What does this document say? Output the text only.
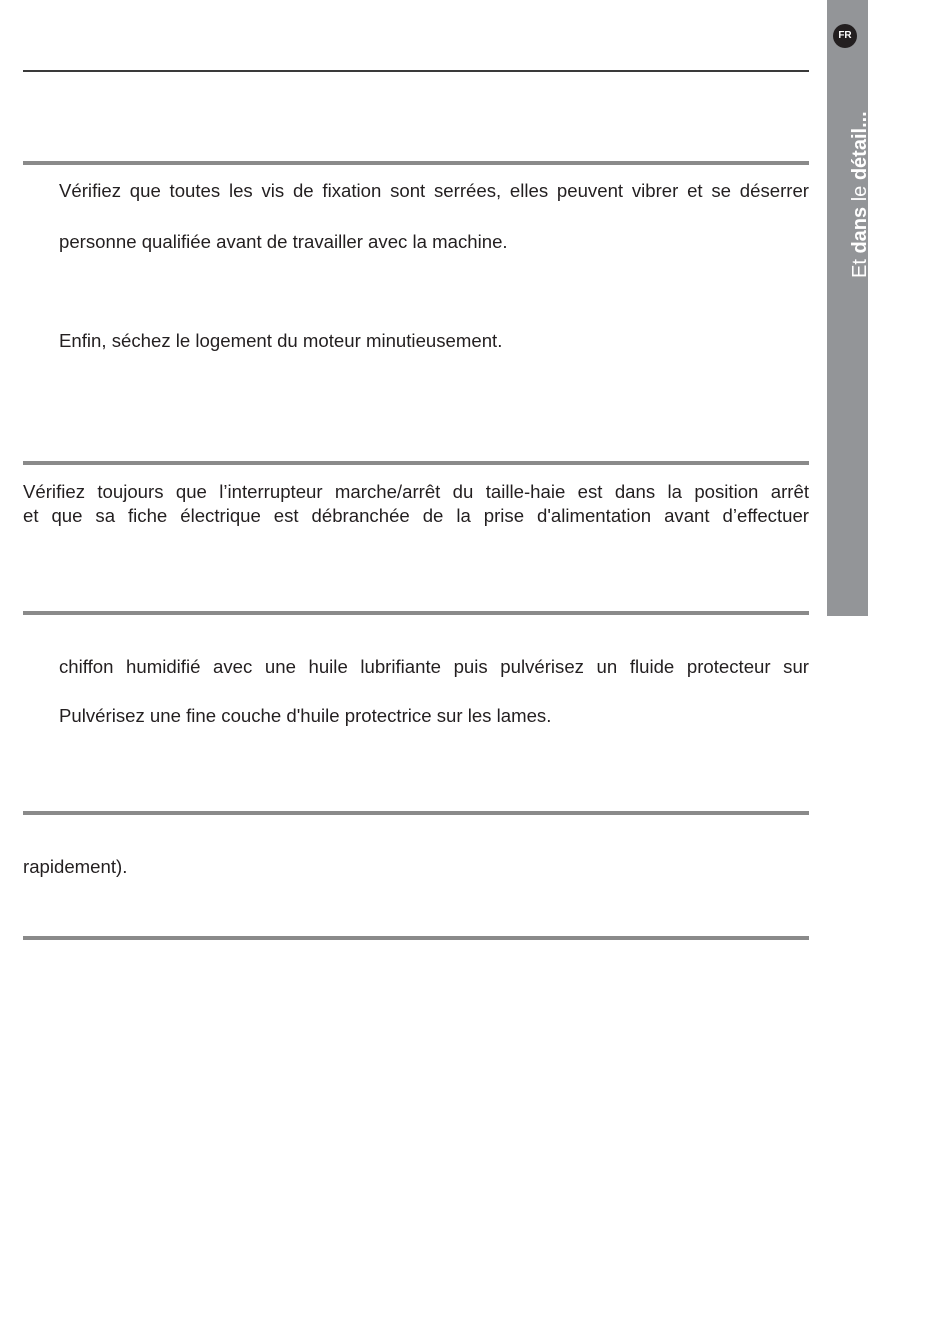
FR
Et dans le détail...
Vérifiez que toutes les vis de fixation sont serrées, elles peuvent vibrer et se déserrer
personne qualifiée avant de travailler avec la machine.
Enfin, séchez le logement du moteur minutieusement.
Vérifiez toujours que l’interrupteur marche/arrêt du taille-haie est dans la position arrêt
et que sa fiche électrique est débranchée de la prise d'alimentation avant d’effectuer
chiffon humidifié avec une huile lubrifiante puis pulvérisez un fluide protecteur sur
Pulvérisez une fine couche d'huile protectrice sur les lames.
rapidement).
